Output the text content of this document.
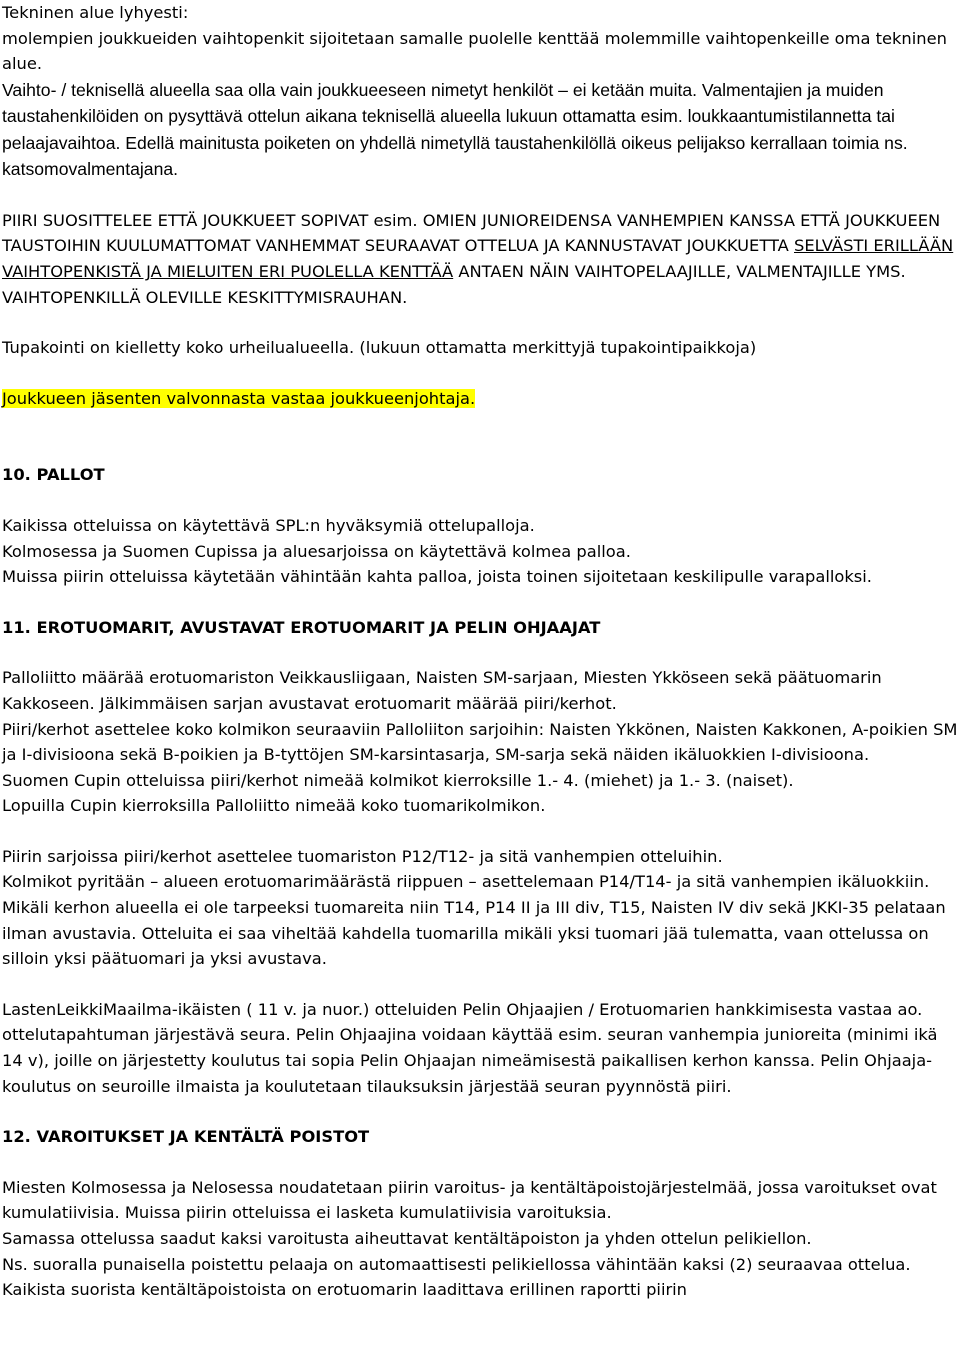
Tekninen alue lyhyesti:

molempien joukkueiden vaihtopenkit sijoitetaan samalle puolelle kenttää molemmille vaihtopenkeille oma tekninen alue.

Vaihto- / teknisellä alueella saa olla vain joukkueeseen nimetyt henkilöt – ei ketään muita. Valmentajien ja muiden taustahenkilöiden on pysyttävä ottelun aikana teknisellä alueella lukuun ottamatta esim. loukkaantumistilannetta tai pelaajavaihtoa. Edellä mainitusta poiketen on yhdellä nimetyllä taustahenkilöllä oikeus pelijakso kerrallaan toimia ns. katsomovalmentajana.

PIIRI SUOSITTELEE ETTÄ JOUKKUEET SOPIVAT esim. OMIEN JUNIOREIDENSA VANHEMPIEN KANSSA ETTÄ JOUKKUEEN TAUSTOIHIN KUULUMATTOMAT VANHEMMAT SEURAAVAT OTTELUA JA KANNUSTAVAT JOUKKUETTA SELVÄSTI ERILLÄÄN VAIHTOPENKISTÄ JA MIELUITEN ERI PUOLELLA KENTTÄÄ ANTAEN NÄIN VAIHTOPELAAJILLE, VALMENTAJILLE YMS. VAIHTOPENKILLÄ OLEVILLE KESKITTYMISRAUHAN.

Tupakointi on kielletty koko urheilualueella. (lukuun ottamatta merkittyjä tupakointipaikkoja)

Joukkueen jäsenten valvonnasta vastaa joukkueenjohtaja.

10. PALLOT

Kaikissa otteluissa on käytettävä SPL:n hyväksymiä ottelupalloja.

Kolmosessa ja Suomen Cupissa ja aluesarjoissa on käytettävä kolmea palloa.

Muissa piirin otteluissa käytetään vähintään kahta palloa, joista toinen sijoitetaan keskilipulle varapalloksi.

11. EROTUOMARIT, AVUSTAVAT EROTUOMARIT JA PELIN OHJAAJAT

Palloliitto määrää erotuomariston Veikkausliigaan, Naisten SM-sarjaan, Miesten Ykköseen sekä päätuomarin Kakkoseen. Jälkimmäisen sarjan avustavat erotuomarit määrää piiri/kerhot.

Piiri/kerhot asettelee koko kolmikon seuraaviin Palloliiton sarjoihin: Naisten Ykkönen, Naisten Kakkonen, A-poikien SM ja I-divisioona sekä B-poikien ja B-tyttöjen SM-karsintasarja, SM-sarja sekä näiden ikäluokkien I-divisioona.

Suomen Cupin otteluissa piiri/kerhot nimeää kolmikot kierroksille 1.- 4. (miehet) ja 1.- 3. (naiset).

Lopuilla Cupin kierroksilla Palloliitto nimeää koko tuomarikolmikon.

Piirin sarjoissa piiri/kerhot asettelee tuomariston P12/T12- ja sitä vanhempien otteluihin.

Kolmikot pyritään – alueen erotuomarimäärästä riippuen – asettelemaan P14/T14- ja sitä vanhempien ikäluokkiin. Mikäli kerhon alueella ei ole tarpeeksi tuomareita niin T14, P14 II ja III div, T15, Naisten IV div sekä JKKI-35 pelataan ilman avustavia. Otteluita ei saa viheltää kahdella tuomarilla mikäli yksi tuomari jää tulematta, vaan ottelussa on silloin yksi päätuomari ja yksi avustava.

LastenLeikkiMaailma-ikäisten ( 11 v. ja nuor.) otteluiden Pelin Ohjaajien / Erotuomarien hankkimisesta vastaa ao. ottelutapahtuman järjestävä seura. Pelin Ohjaajina voidaan käyttää esim. seuran vanhempia junioreita (minimi ikä 14 v), joille on järjestetty koulutus tai sopia Pelin Ohjaajan nimeämisestä paikallisen kerhon kanssa. Pelin Ohjaaja-koulutus on seuroille ilmaista ja koulutetaan tilauksuksin järjestää seuran pyynnöstä piiri.

12. VAROITUKSET JA KENTÄLTÄ POISTOT

Miesten Kolmosessa ja Nelosessa noudatetaan piirin varoitus- ja kentältäpoistojärjestelmää, jossa varoitukset ovat kumulatiivisia. Muissa piirin otteluissa ei lasketa kumulatiivisia varoituksia.

Samassa ottelussa saadut kaksi varoitusta aiheuttavat kentältäpoiston ja yhden ottelun pelikiellon.

Ns. suoralla punaisella poistettu pelaaja on automaattisesti pelikiellossa vähintään kaksi (2) seuraavaa ottelua. Kaikista suorista kentältäpoistoista on erotuomarin laadittava erillinen raportti piirin
